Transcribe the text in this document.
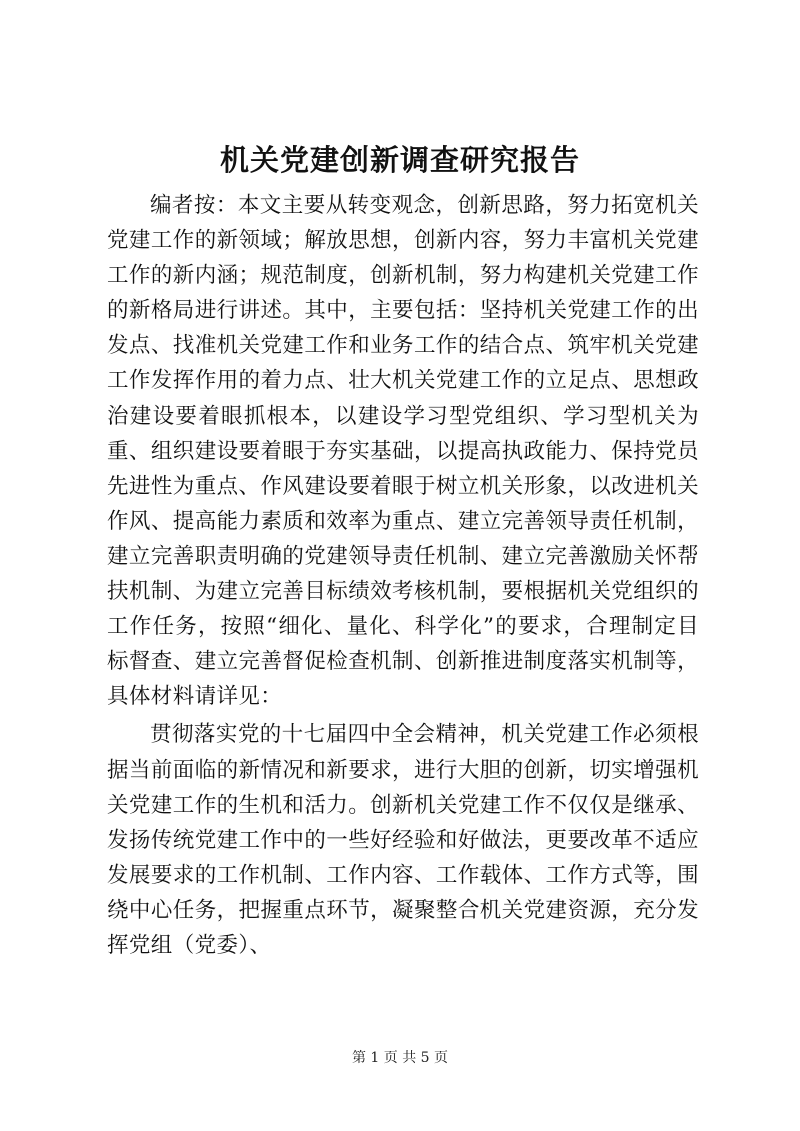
机关党建创新调查研究报告

编者按：本文主要从转变观念，创新思路，努力拓宽机关党建工作的新领域；解放思想，创新内容，努力丰富机关党建工作的新内涵；规范制度，创新机制，努力构建机关党建工作的新格局进行讲述。其中，主要包括：坚持机关党建工作的出发点、找准机关党建工作和业务工作的结合点、筑牢机关党建工作发挥作用的着力点、壮大机关党建工作的立足点、思想政治建设要着眼抓根本，以建设学习型党组织、学习型机关为重、组织建设要着眼于夯实基础，以提高执政能力、保持党员先进性为重点、作风建设要着眼于树立机关形象，以改进机关作风、提高能力素质和效率为重点、建立完善领导责任机制，建立完善职责明确的党建领导责任机制、建立完善激励关怀帮扶机制、为建立完善目标绩效考核机制，要根据机关党组织的工作任务，按照“细化、量化、科学化”的要求，合理制定目标督查、建立完善督促检查机制、创新推进制度落实机制等，具体材料请详见：

贯彻落实党的十七届四中全会精神，机关党建工作必须根据当前面临的新情况和新要求，进行大胆的创新，切实增强机关党建工作的生机和活力。创新机关党建工作不仅仅是继承、发扬传统党建工作中的一些好经验和好做法，更要改革不适应发展要求的工作机制、工作内容、工作载体、工作方式等，围绕中心任务，把握重点环节，凝聚整合机关党建资源，充分发挥党组（党委）、

第 1 页 共 5 页
